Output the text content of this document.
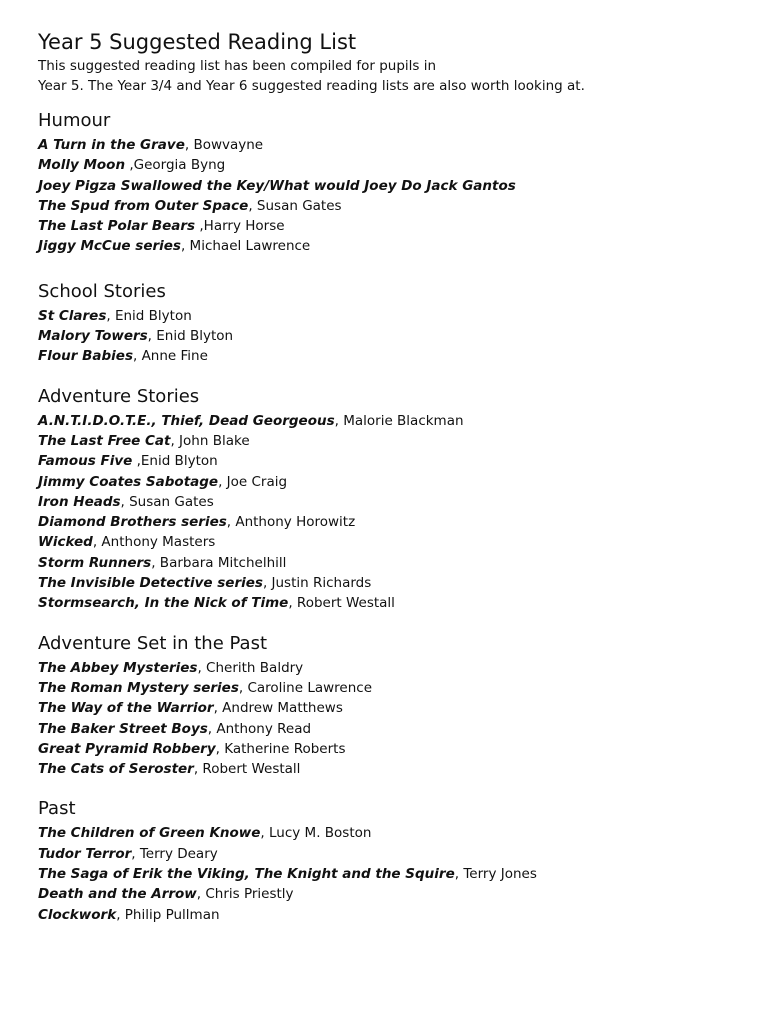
Year 5 Suggested Reading List

This suggested reading list has been compiled for pupils in
Year 5. The Year 3/4 and Year 6 suggested reading lists are also worth looking at.

Humour
A Turn in the Grave, Bowvayne
Molly Moon ,Georgia Byng
Joey Pigza Swallowed the Key/What would Joey Do Jack Gantos
The Spud from Outer Space, Susan Gates
The Last Polar Bears ,Harry Horse
Jiggy McCue series, Michael Lawrence
School Stories
St Clares, Enid Blyton
Malory Towers, Enid Blyton
Flour Babies, Anne Fine
Adventure Stories
A.N.T.I.D.O.T.E., Thief, Dead Georgeous, Malorie Blackman
The Last Free Cat, John Blake
Famous Five ,Enid Blyton
Jimmy Coates Sabotage, Joe Craig
Iron Heads, Susan Gates
Diamond Brothers series, Anthony Horowitz
Wicked, Anthony Masters
Storm Runners, Barbara Mitchelhill
The Invisible Detective series, Justin Richards
Stormsearch, In the Nick of Time, Robert Westall
Adventure Set in the Past
The Abbey Mysteries, Cherith Baldry
The Roman Mystery series, Caroline Lawrence
The Way of the Warrior, Andrew Matthews
The Baker Street Boys, Anthony Read
Great Pyramid Robbery, Katherine Roberts
The Cats of Seroster, Robert Westall
Past
The Children of Green Knowe, Lucy M. Boston
Tudor Terror, Terry Deary
The Saga of Erik the Viking, The Knight and the Squire, Terry Jones
Death and the Arrow, Chris Priestly
Clockwork, Philip Pullman
